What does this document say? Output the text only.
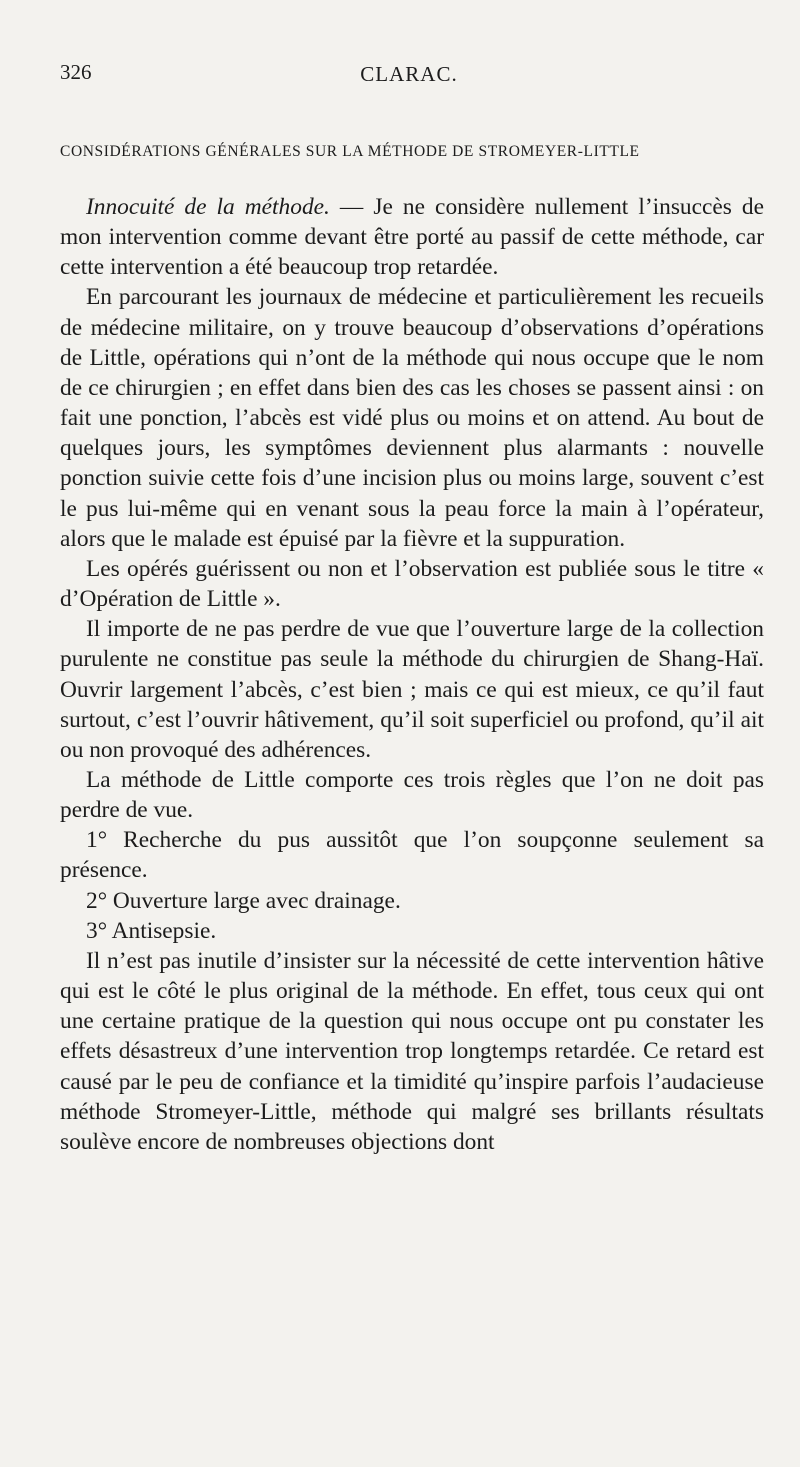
326	CLARAC.
CONSIDÉRATIONS GÉNÉRALES SUR LA MÉTHODE DE STROMEYER-LITTLE

Innocuité de la méthode. — Je ne considère nullement l’insuccès de mon intervention comme devant être porté au passif de cette méthode, car cette intervention a été beaucoup trop retardée.

En parcourant les journaux de médecine et particulièrement les recueils de médecine militaire, on y trouve beaucoup d’observations d’opérations de Little, opérations qui n’ont de la méthode qui nous occupe que le nom de ce chirurgien ; en effet dans bien des cas les choses se passent ainsi : on fait une ponction, l’abcès est vidé plus ou moins et on attend. Au bout de quelques jours, les symptômes deviennent plus alarmants : nouvelle ponction suivie cette fois d’une incision plus ou moins large, souvent c’est le pus lui-même qui en venant sous la peau force la main à l’opérateur, alors que le malade est épuisé par la fièvre et la suppuration.

Les opérés guérissent ou non et l’observation est publiée sous le titre « d’Opération de Little ».

Il importe de ne pas perdre de vue que l’ouverture large de la collection purulente ne constitue pas seule la méthode du chirurgien de Shang-Haï. Ouvrir largement l’abcès, c’est bien ; mais ce qui est mieux, ce qu’il faut surtout, c’est l’ouvrir hâtivement, qu’il soit superficiel ou profond, qu’il ait ou non provoqué des adhérences.

La méthode de Little comporte ces trois règles que l’on ne doit pas perdre de vue.

1° Recherche du pus aussitôt que l’on soupçonne seulement sa présence.

2° Ouverture large avec drainage.

3° Antisepsie.

Il n’est pas inutile d’insister sur la nécessité de cette intervention hâtive qui est le côté le plus original de la méthode. En effet, tous ceux qui ont une certaine pratique de la question qui nous occupe ont pu constater les effets désastreux d’une intervention trop longtemps retardée. Ce retard est causé par le peu de confiance et la timidité qu’inspire parfois l’audacieuse méthode Stromeyer-Little, méthode qui malgré ses brillants résultats soulève encore de nombreuses objections dont
